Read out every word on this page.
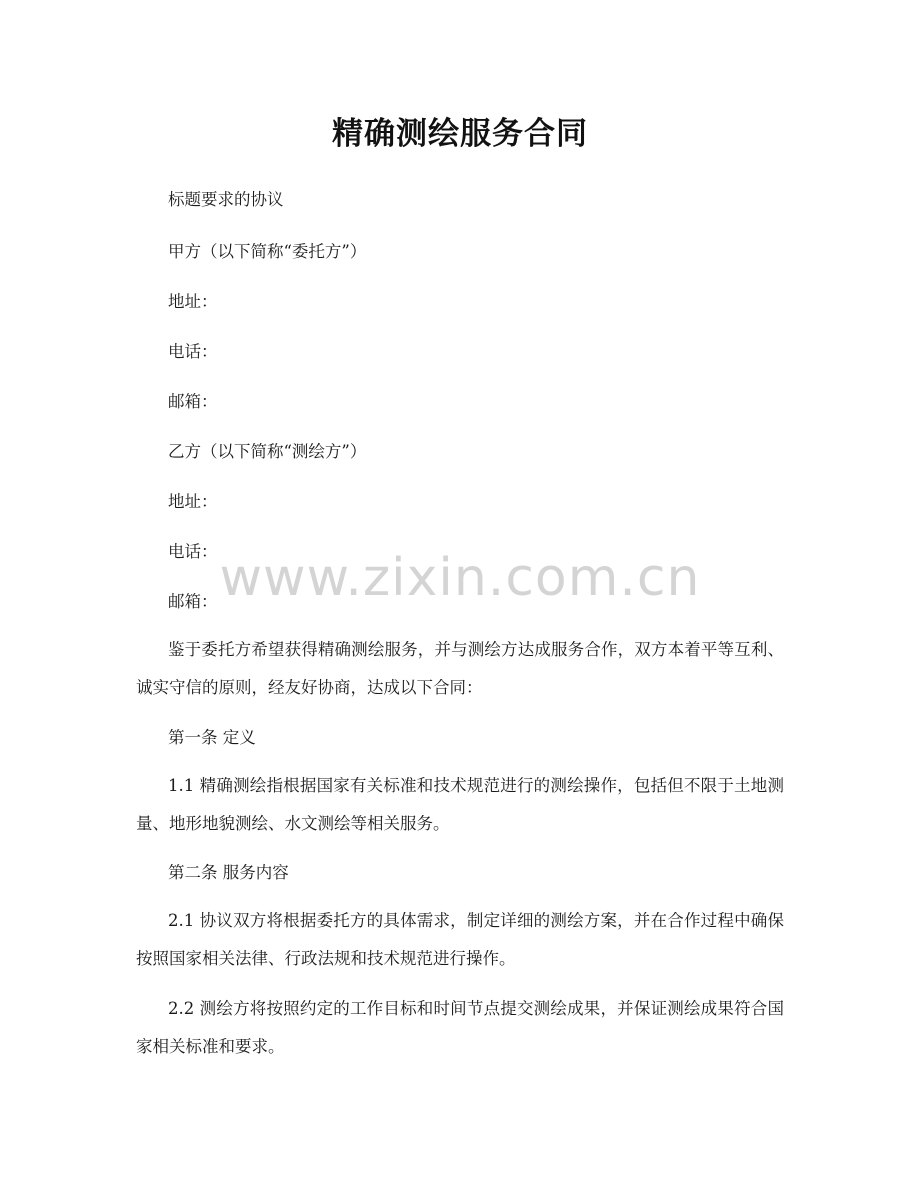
精确测绘服务合同
标题要求的协议
甲方（以下简称“委托方”）
地址：
电话：
邮箱：
乙方（以下简称“测绘方”）
地址：
电话：
邮箱：
鉴于委托方希望获得精确测绘服务，并与测绘方达成服务合作，双方本着平等互利、诚实守信的原则，经友好协商，达成以下合同：
第一条 定义
1.1 精确测绘指根据国家有关标准和技术规范进行的测绘操作，包括但不限于土地测量、地形地貌测绘、水文测绘等相关服务。
第二条 服务内容
2.1 协议双方将根据委托方的具体需求，制定详细的测绘方案，并在合作过程中确保按照国家相关法律、行政法规和技术规范进行操作。
2.2 测绘方将按照约定的工作目标和时间节点提交测绘成果，并保证测绘成果符合国家相关标准和要求。
www.zixin.com.cn
